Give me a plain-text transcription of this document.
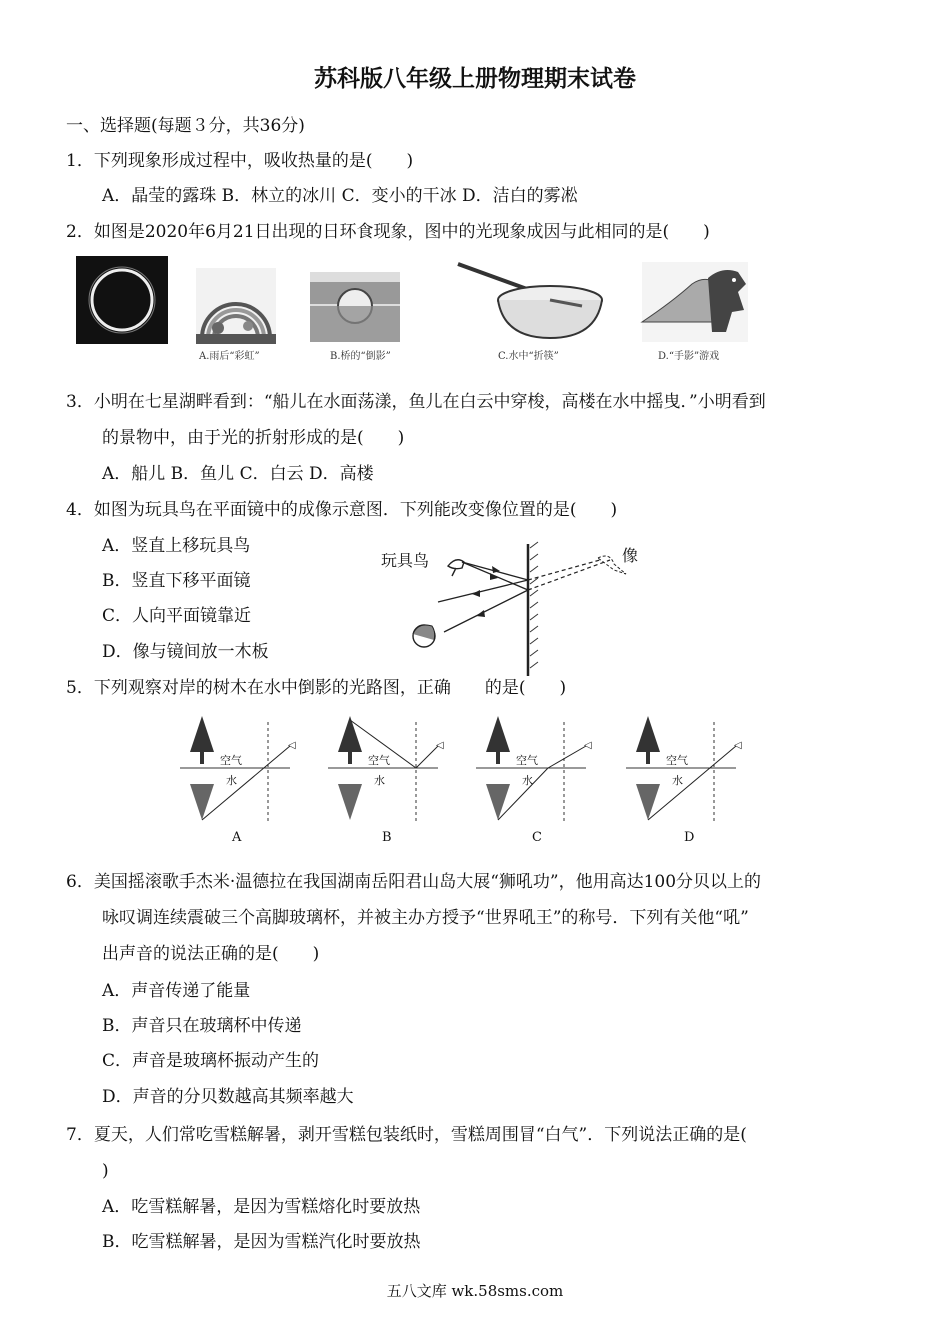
苏科版八年级上册物理期末试卷
一、选择题(每题３分，共36分)
1．下列现象形成过程中，吸收热量的是(　　)
A．晶莹的露珠 B．林立的冰川 C．变小的干冰 D．洁白的雾凇
2．如图是2020年6月21日出现的日环食现象，图中的光现象成因与此相同的是(　　)
A.雨后“彩虹”	B.桥的“倒影”	C.水中“折筷”	D.“手影”游戏
3．小明在七星湖畔看到：“船儿在水面荡漾，鱼儿在白云中穿梭，高楼在水中摇曳．”小明看到
的景物中，由于光的折射形成的是(　　)
A．船儿 B．鱼儿 C．白云 D．高楼
4．如图为玩具鸟在平面镜中的成像示意图．下列能改变像位置的是(　　)
A．竖直上移玩具鸟
B．竖直下移平面镜
C．人向平面镜靠近
D．像与镜间放一木板
玩具鸟	像
5．下列观察对岸的树木在水中倒影的光路图，正确　　的是(　　)
◁	◁	◁	◁
空气
水
空气
水
空气
水
空气
水
A	B	C	D
6．美国摇滚歌手杰米·温德拉在我国湖南岳阳君山岛大展“狮吼功”，他用高达100分贝以上的
咏叹调连续震破三个高脚玻璃杯，并被主办方授予“世界吼王”的称号．下列有关他“吼”
出声音的说法正确的是(　　)
A．声音传递了能量
B．声音只在玻璃杯中传递
C．声音是玻璃杯振动产生的
D．声音的分贝数越高其频率越大
7．夏天，人们常吃雪糕解暑，剥开雪糕包装纸时，雪糕周围冒“白气”．下列说法正确的是(
)
A．吃雪糕解暑，是因为雪糕熔化时要放热
B．吃雪糕解暑，是因为雪糕汽化时要放热
五八文库 wk.58sms.com
